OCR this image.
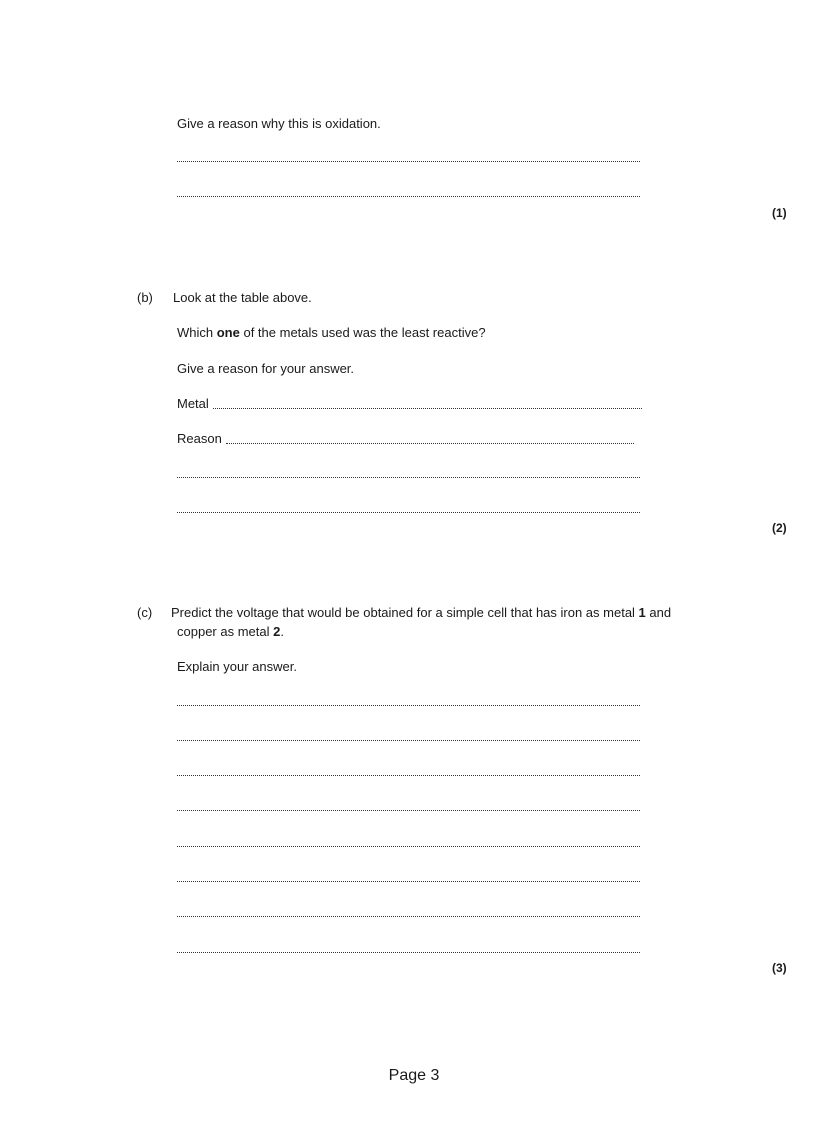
Give a reason why this is oxidation.
(1)
(b) Look at the table above.
Which one of the metals used was the least reactive?
Give a reason for your answer.
Metal
Reason
(2)
(c) Predict the voltage that would be obtained for a simple cell that has iron as metal 1 and
copper as metal 2.
Explain your answer.
(3)
Page 3
